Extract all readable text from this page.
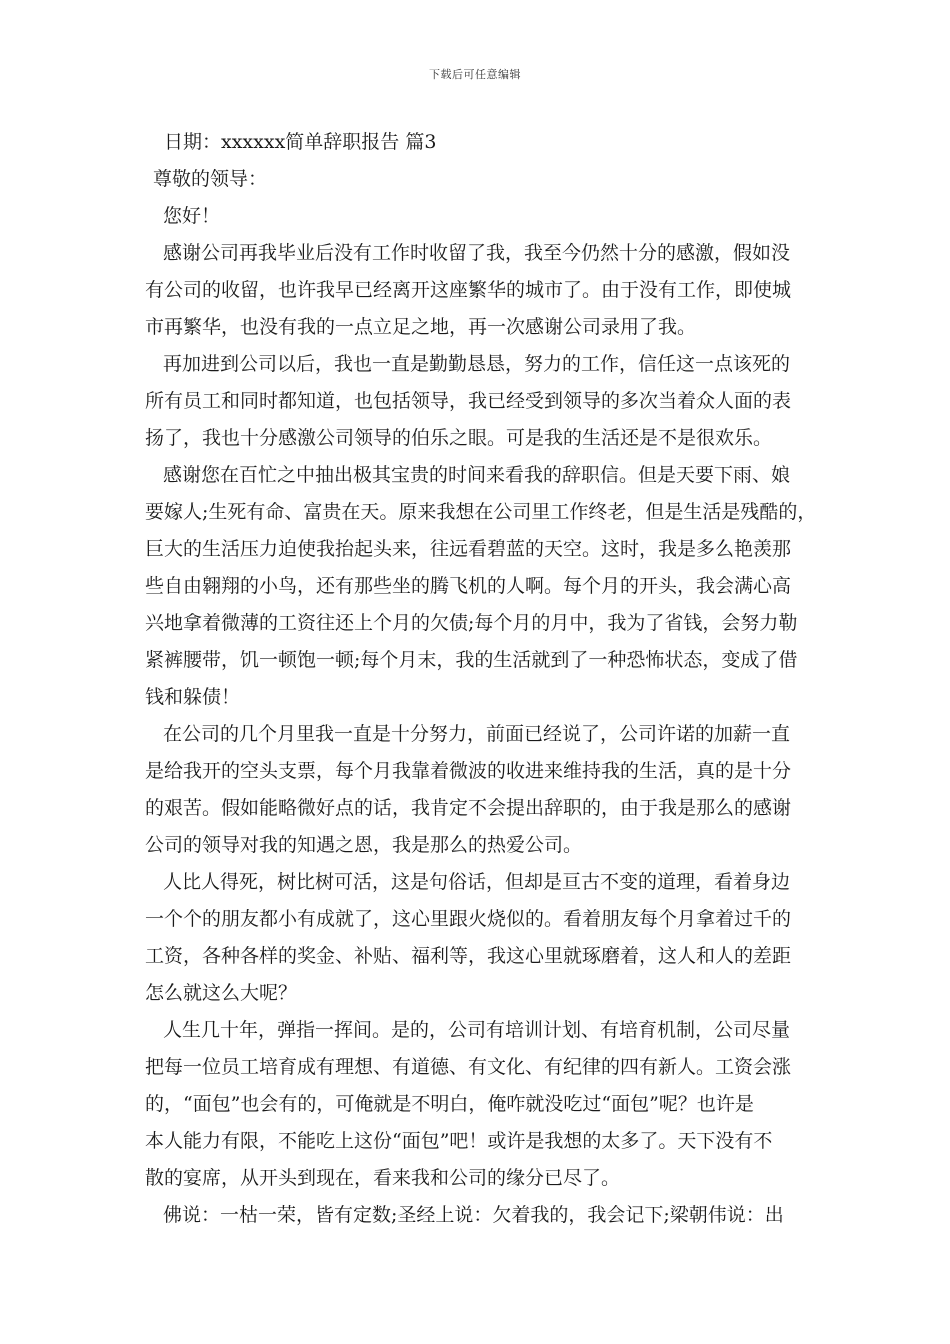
下载后可任意编辑
日期：xxxxxx简单辞职报告 篇3
尊敬的领导：
您好！
感谢公司再我毕业后没有工作时收留了我，我至今仍然十分的感激，假如没
有公司的收留，也许我早已经离开这座繁华的城市了。由于没有工作，即使城
市再繁华，也没有我的一点立足之地，再一次感谢公司录用了我。
再加进到公司以后，我也一直是勤勤恳恳，努力的工作，信任这一点该死的
所有员工和同时都知道，也包括领导，我已经受到领导的多次当着众人面的表
扬了，我也十分感激公司领导的伯乐之眼。可是我的生活还是不是很欢乐。
感谢您在百忙之中抽出极其宝贵的时间来看我的辞职信。但是天要下雨、娘
要嫁人;生死有命、富贵在天。原来我想在公司里工作终老，但是生活是残酷的，
巨大的生活压力迫使我抬起头来，往远看碧蓝的天空。这时，我是多么艳羡那
些自由翱翔的小鸟，还有那些坐的腾飞机的人啊。每个月的开头，我会满心高
兴地拿着微薄的工资往还上个月的欠债;每个月的月中，我为了省钱，会努力勒
紧裤腰带，饥一顿饱一顿;每个月末，我的生活就到了一种恐怖状态，变成了借
钱和躲债！
在公司的几个月里我一直是十分努力，前面已经说了，公司许诺的加薪一直
是给我开的空头支票，每个月我靠着微波的收进来维持我的生活，真的是十分
的艰苦。假如能略微好点的话，我肯定不会提出辞职的，由于我是那么的感谢
公司的领导对我的知遇之恩，我是那么的热爱公司。
人比人得死，树比树可活，这是句俗话，但却是亘古不变的道理，看着身边
一个个的朋友都小有成就了，这心里跟火烧似的。看着朋友每个月拿着过千的
工资，各种各样的奖金、补贴、福利等，我这心里就琢磨着，这人和人的差距
怎么就这么大呢？
人生几十年，弹指一挥间。是的，公司有培训计划、有培育机制，公司尽量
把每一位员工培育成有理想、有道德、有文化、有纪律的四有新人。工资会涨
的，“面包”也会有的，可俺就是不明白，俺咋就没吃过“面包”呢？也许是
本人能力有限，不能吃上这份“面包”吧！或许是我想的太多了。天下没有不
散的宴席，从开头到现在，看来我和公司的缘分已尽了。
佛说：一枯一荣，皆有定数;圣经上说：欠着我的，我会记下;梁朝伟说：出
